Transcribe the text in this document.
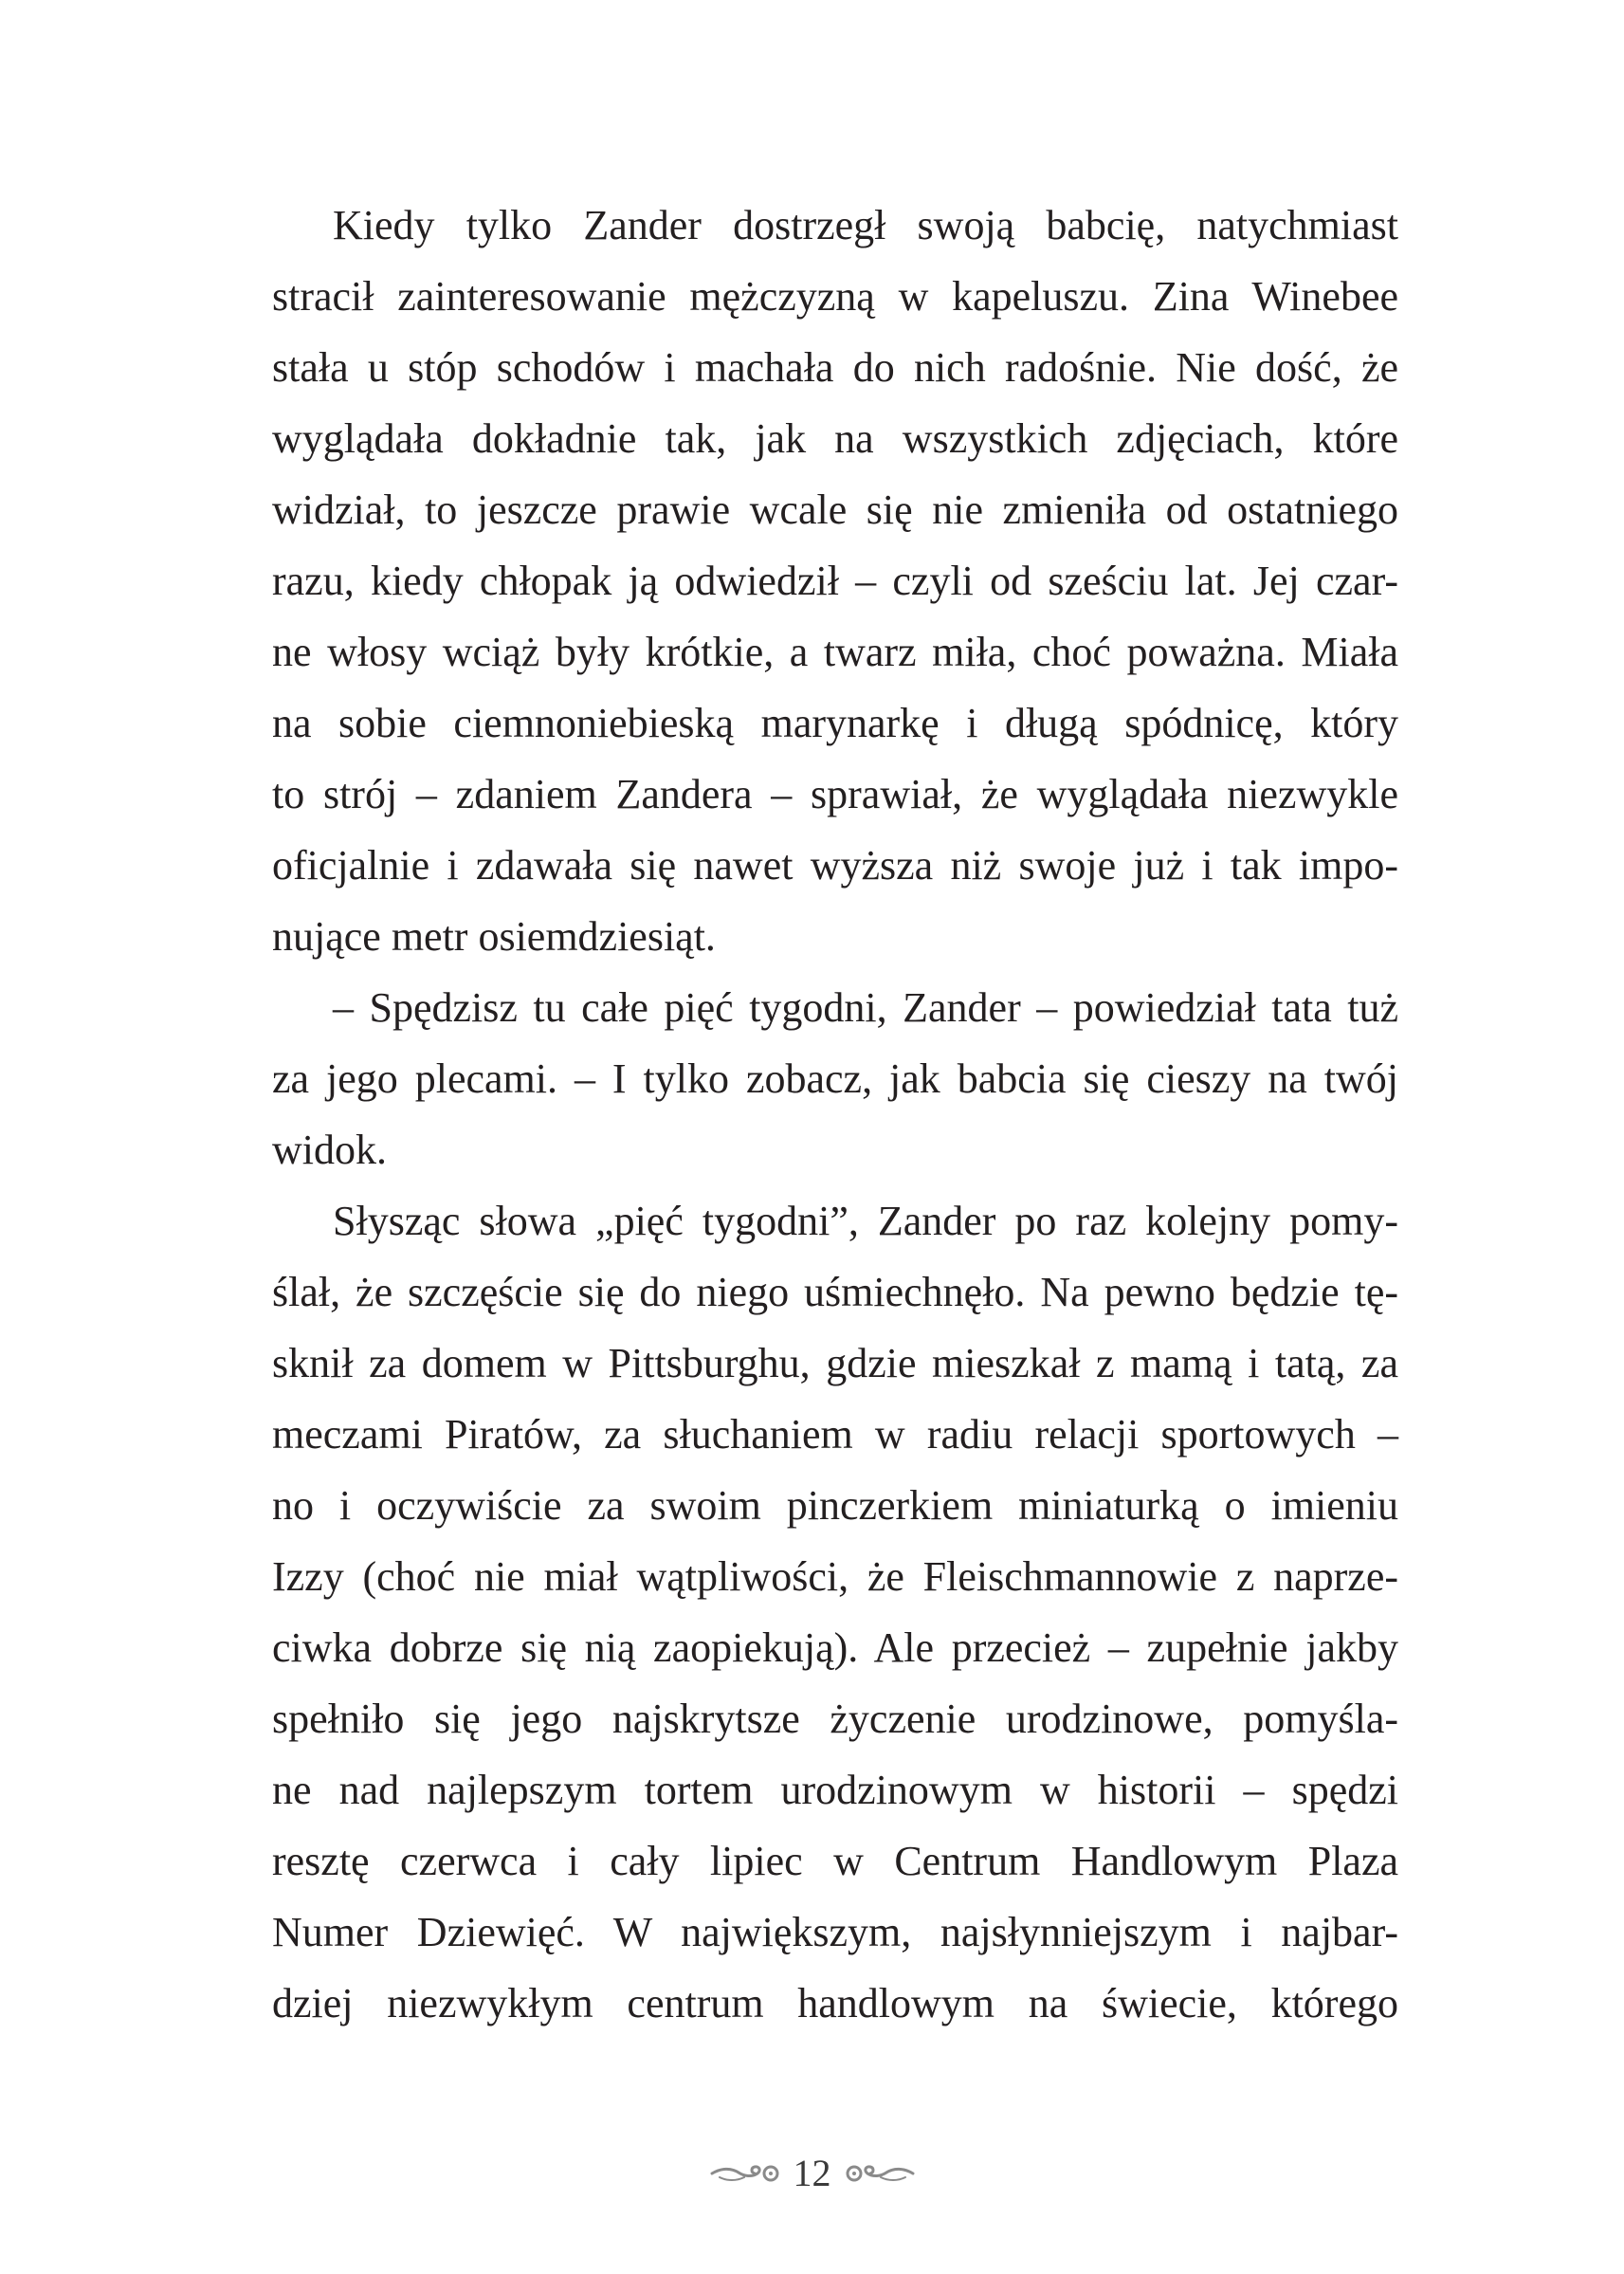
Kiedy tylko Zander dostrzegł swoją babcię, natychmiast
stracił zainteresowanie mężczyzną w kapeluszu. Zina Winebee
stała u stóp schodów i machała do nich radośnie. Nie dość, że
wyglądała dokładnie tak, jak na wszystkich zdjęciach, które
widział, to jeszcze prawie wcale się nie zmieniła od ostatniego
razu, kiedy chłopak ją odwiedził – czyli od sześciu lat. Jej czar-
ne włosy wciąż były krótkie, a twarz miła, choć poważna. Miała
na sobie ciemnoniebieską marynarkę i długą spódnicę, który
to strój – zdaniem Zandera – sprawiał, że wyglądała niezwykle
oficjalnie i zdawała się nawet wyższa niż swoje już i tak impo-
nujące metr osiemdziesiąt.
– Spędzisz tu całe pięć tygodni, Zander – powiedział tata tuż
za jego plecami. – I tylko zobacz, jak babcia się cieszy na twój
widok.
Słysząc słowa „pięć tygodni”, Zander po raz kolejny pomy-
ślał, że szczęście się do niego uśmiechnęło. Na pewno będzie tę-
sknił za domem w Pittsburghu, gdzie mieszkał z mamą i tatą, za
meczami Piratów, za słuchaniem w radiu relacji sportowych –
no i oczywiście za swoim pinczerkiem miniaturką o imieniu
Izzy (choć nie miał wątpliwości, że Fleischmannowie z naprze-
ciwka dobrze się nią zaopiekują). Ale przecież – zupełnie jakby
spełniło się jego najskrytsze życzenie urodzinowe, pomyśla-
ne nad najlepszym tortem urodzinowym w historii – spędzi
resztę czerwca i cały lipiec w Centrum Handlowym Plaza
Numer Dziewięć. W największym, najsłynniejszym i najbar-
dziej niezwykłym centrum handlowym na świecie, którego
12
